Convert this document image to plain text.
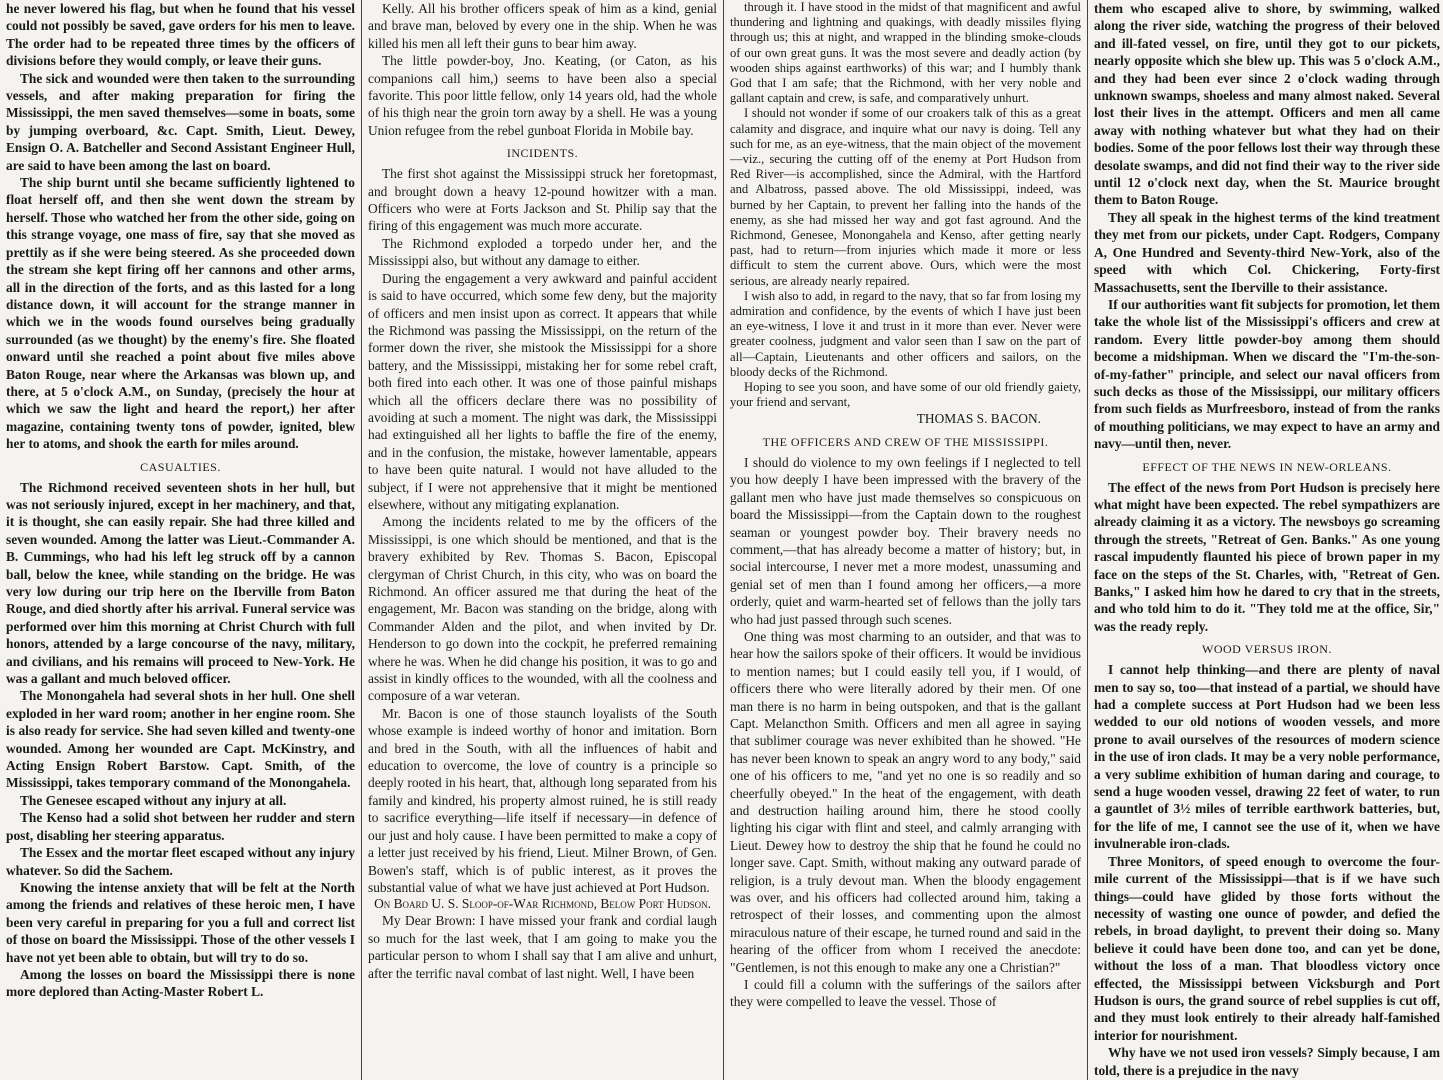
he never lowered his flag, but when he found that his vessel could not possibly be saved, gave orders for his men to leave. The order had to be repeated three times by the officers of divisions before they would comply, or leave their guns.

The sick and wounded were then taken to the surrounding vessels, and after making preparation for firing the Mississippi, the men saved themselves—some in boats, some by jumping overboard, &c. Capt. Smith, Lieut. Dewey, Ensign O. A. Batcheller and Second Assistant Engineer Hull, are said to have been among the last on board.

The ship burnt until she became sufficiently lightened to float herself off, and then she went down the stream by herself. Those who watched her from the other side, going on this strange voyage, one mass of fire, say that she moved as prettily as if she were being steered. As she proceeded down the stream she kept firing off her cannons and other arms, all in the direction of the forts, and as this lasted for a long distance down, it will account for the strange manner in which we in the woods found ourselves being gradually surrounded (as we thought) by the enemy's fire. She floated onward until she reached a point about five miles above Baton Rouge, near where the Arkansas was blown up, and there, at 5 o'clock A.M., on Sunday, (precisely the hour at which we saw the light and heard the report,) her after magazine, containing twenty tons of powder, ignited, blew her to atoms, and shook the earth for miles around.

CASUALTIES.

The Richmond received seventeen shots in her hull, but was not seriously injured, except in her machinery, and that, it is thought, she can easily repair. She had three killed and seven wounded. Among the latter was Lieut.-Commander A. B. Cummings, who had his left leg struck off by a cannon ball, below the knee, while standing on the bridge. He was very low during our trip here on the Iberville from Baton Rouge, and died shortly after his arrival. Funeral service was performed over him this morning at Christ Church with full honors, attended by a large concourse of the navy, military, and civilians, and his remains will proceed to New-York. He was a gallant and much beloved officer.

The Monongahela had several shots in her hull. One shell exploded in her ward room; another in her engine room. She is also ready for service. She had seven killed and twenty-one wounded. Among her wounded are Capt. McKinstry, and Acting Ensign Robert Barstow. Capt. Smith, of the Mississippi, takes temporary command of the Monongahela.

The Genesee escaped without any injury at all.

The Kenso had a solid shot between her rudder and stern post, disabling her steering apparatus.

The Essex and the mortar fleet escaped without any injury whatever. So did the Sachem.

Knowing the intense anxiety that will be felt at the North among the friends and relatives of these heroic men, I have been very careful in preparing for you a full and correct list of those on board the Mississippi. Those of the other vessels I have not yet been able to obtain, but will try to do so.

Among the losses on board the Mississippi there is none more deplored than Acting-Master Robert L.

Kelly. All his brother officers speak of him as a kind, genial and brave man, beloved by every one in the ship. When he was killed his men all left their guns to bear him away.

The little powder-boy, Jno. Keating, (or Caton, as his companions call him,) seems to have been also a special favorite. This poor little fellow, only 14 years old, had the whole of his thigh near the groin torn away by a shell. He was a young Union refugee from the rebel gunboat Florida in Mobile bay.

INCIDENTS.

The first shot against the Mississippi struck her foretopmast, and brought down a heavy 12-pound howitzer with a man. Officers who were at Forts Jackson and St. Philip say that the firing of this engagement was much more accurate.

The Richmond exploded a torpedo under her, and the Mississippi also, but without any damage to either.

During the engagement a very awkward and painful accident is said to have occurred, which some few deny, but the majority of officers and men insist upon as correct. It appears that while the Richmond was passing the Mississippi, on the return of the former down the river, she mistook the Mississippi for a shore battery, and the Mississippi, mistaking her for some rebel craft, both fired into each other. It was one of those painful mishaps which all the officers declare there was no possibility of avoiding at such a moment. The night was dark, the Mississippi had extinguished all her lights to baffle the fire of the enemy, and in the confusion, the mistake, however lamentable, appears to have been quite natural. I would not have alluded to the subject, if I were not apprehensive that it might be mentioned elsewhere, without any mitigating explanation.

Among the incidents related to me by the officers of the Mississippi, is one which should be mentioned, and that is the bravery exhibited by Rev. Thomas S. Bacon, Episcopal clergyman of Christ Church, in this city, who was on board the Richmond. An officer assured me that during the heat of the engagement, Mr. Bacon was standing on the bridge, along with Commander Alden and the pilot, and when invited by Dr. Henderson to go down into the cockpit, he preferred remaining where he was. When he did change his position, it was to go and assist in kindly offices to the wounded, with all the coolness and composure of a war veteran.

Mr. Bacon is one of those staunch loyalists of the South whose example is indeed worthy of honor and imitation. Born and bred in the South, with all the influences of habit and education to overcome, the love of country is a principle so deeply rooted in his heart, that, although long separated from his family and kindred, his property almost ruined, he is still ready to sacrifice everything—life itself if necessary—in defence of our just and holy cause. I have been permitted to make a copy of a letter just received by his friend, Lieut. Milner Brown, of Gen. Bowen's staff, which is of public interest, as it proves the substantial value of what we have just achieved at Port Hudson.

On Board U. S. Sloop-of-War Richmond, Below Port Hudson.

My Dear Brown: I have missed your frank and cordial laugh so much for the last week, that I am going to make you the particular person to whom I shall say that I am alive and unhurt, after the terrific naval combat of last night. Well, I have been

through it. I have stood in the midst of that magnificent and awful thundering and lightning and quakings, with deadly missiles flying through us; this at night, and wrapped in the blinding smoke-clouds of our own great guns. It was the most severe and deadly action (by wooden ships against earthworks) of this war; and I humbly thank God that I am safe; that the Richmond, with her very noble and gallant captain and crew, is safe, and comparatively unhurt.

I should not wonder if some of our croakers talk of this as a great calamity and disgrace, and inquire what our navy is doing. Tell any such for me, as an eye-witness, that the main object of the movement—viz., securing the cutting off of the enemy at Port Hudson from Red River—is accomplished, since the Admiral, with the Hartford and Albatross, passed above. The old Mississippi, indeed, was burned by her Captain, to prevent her falling into the hands of the enemy, as she had missed her way and got fast aground. And the Richmond, Genesee, Monongahela and Kenso, after getting nearly past, had to return—from injuries which made it more or less difficult to stem the current above. Ours, which were the most serious, are already nearly repaired.

I wish also to add, in regard to the navy, that so far from losing my admiration and confidence, by the events of which I have just been an eye-witness, I love it and trust in it more than ever. Never were greater coolness, judgment and valor seen than I saw on the part of all—Captain, Lieutenants and other officers and sailors, on the bloody decks of the Richmond.

Hoping to see you soon, and have some of our old friendly gaiety, your friend and servant,

THOMAS S. BACON.

THE OFFICERS AND CREW OF THE MISSISSIPPI.

I should do violence to my own feelings if I neglected to tell you how deeply I have been impressed with the bravery of the gallant men who have just made themselves so conspicuous on board the Mississippi—from the Captain down to the roughest seaman or youngest powder boy. Their bravery needs no comment,—that has already become a matter of history; but, in social intercourse, I never met a more modest, unassuming and genial set of men than I found among her officers,—a more orderly, quiet and warm-hearted set of fellows than the jolly tars who had just passed through such scenes.

One thing was most charming to an outsider, and that was to hear how the sailors spoke of their officers. It would be invidious to mention names; but I could easily tell you, if I would, of officers there who were literally adored by their men. Of one man there is no harm in being outspoken, and that is the gallant Capt. Melancthon Smith. Officers and men all agree in saying that sublimer courage was never exhibited than he showed. "He has never been known to speak an angry word to any body," said one of his officers to me, "and yet no one is so readily and so cheerfully obeyed." In the heat of the engagement, with death and destruction hailing around him, there he stood coolly lighting his cigar with flint and steel, and calmly arranging with Lieut. Dewey how to destroy the ship that he found he could no longer save. Capt. Smith, without making any outward parade of religion, is a truly devout man. When the bloody engagement was over, and his officers had collected around him, taking a retrospect of their losses, and commenting upon the almost miraculous nature of their escape, he turned round and said in the hearing of the officer from whom I received the anecdote: "Gentlemen, is not this enough to make any one a Christian?"

I could fill a column with the sufferings of the sailors after they were compelled to leave the vessel. Those of

them who escaped alive to shore, by swimming, walked along the river side, watching the progress of their beloved and ill-fated vessel, on fire, until they got to our pickets, nearly opposite which she blew up. This was 5 o'clock A.M., and they had been ever since 2 o'clock wading through unknown swamps, shoeless and many almost naked. Several lost their lives in the attempt. Officers and men all came away with nothing whatever but what they had on their bodies. Some of the poor fellows lost their way through these desolate swamps, and did not find their way to the river side until 12 o'clock next day, when the St. Maurice brought them to Baton Rouge.

They all speak in the highest terms of the kind treatment they met from our pickets, under Capt. Rodgers, Company A, One Hundred and Seventy-third New-York, also of the speed with which Col. Chickering, Forty-first Massachusetts, sent the Iberville to their assistance.

If our authorities want fit subjects for promotion, let them take the whole list of the Mississippi's officers and crew at random. Every little powder-boy among them should become a midshipman. When we discard the "I'm-the-son-of-my-father" principle, and select our naval officers from such decks as those of the Mississippi, our military officers from such fields as Murfreesboro, instead of from the ranks of mouthing politicians, we may expect to have an army and navy—until then, never.

EFFECT OF THE NEWS IN NEW-ORLEANS.

The effect of the news from Port Hudson is precisely here what might have been expected. The rebel sympathizers are already claiming it as a victory. The newsboys go screaming through the streets, "Retreat of Gen. Banks." As one young rascal impudently flaunted his piece of brown paper in my face on the steps of the St. Charles, with, "Retreat of Gen. Banks," I asked him how he dared to cry that in the streets, and who told him to do it. "They told me at the office, Sir," was the ready reply.

WOOD VERSUS IRON.

I cannot help thinking—and there are plenty of naval men to say so, too—that instead of a partial, we should have had a complete success at Port Hudson had we been less wedded to our old notions of wooden vessels, and more prone to avail ourselves of the resources of modern science in the use of iron clads. It may be a very noble performance, a very sublime exhibition of human daring and courage, to send a huge wooden vessel, drawing 22 feet of water, to run a gauntlet of 3½ miles of terrible earthwork batteries, but, for the life of me, I cannot see the use of it, when we have invulnerable iron-clads.

Three Monitors, of speed enough to overcome the four-mile current of the Mississippi—that is if we have such things—could have glided by those forts without the necessity of wasting one ounce of powder, and defied the rebels, in broad daylight, to prevent their doing so. Many believe it could have been done too, and can yet be done, without the loss of a man. That bloodless victory once effected, the Mississippi between Vicksburgh and Port Hudson is ours, the grand source of rebel supplies is cut off, and they must look entirely to their already half-famished interior for nourishment.

Why have we not used iron vessels? Simply because, I am told, there is a prejudice in the navy
